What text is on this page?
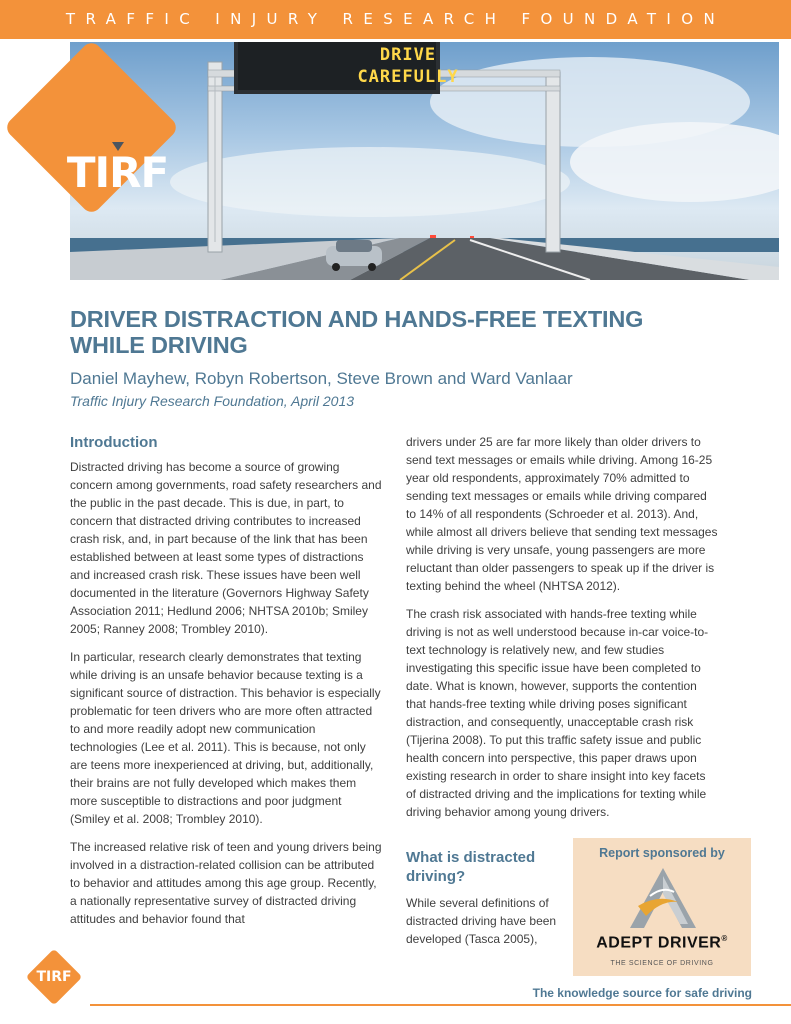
TRAFFIC INJURY RESEARCH FOUNDATION
DRIVE
CAREFULLY
TIRF
DRIVER DISTRACTION AND HANDS-FREE TEXTING WHILE DRIVING
Daniel Mayhew, Robyn Robertson, Steve Brown and Ward Vanlaar
Traffic Injury Research Foundation, April 2013
Introduction

Distracted driving has become a source of growing concern among governments, road safety researchers and the public in the past decade. This is due, in part, to concern that distracted driving contributes to increased crash risk, and, in part because of the link that has been established between at least some types of distractions and increased crash risk. These issues have been well documented in the literature (Governors Highway Safety Association 2011; Hedlund 2006; NHTSA 2010b; Smiley 2005; Ranney 2008; Trombley 2010).

In particular, research clearly demonstrates that texting while driving is an unsafe behavior because texting is a significant source of distraction. This behavior is especially problematic for teen drivers who are more often attracted to and more readily adopt new communication technologies (Lee et al. 2011). This is because, not only are teens more inexperienced at driving, but, additionally, their brains are not fully developed which makes them more susceptible to distractions and poor judgment (Smiley et al. 2008; Trombley 2010).

The increased relative risk of teen and young drivers being involved in a distraction-related collision can be attributed to behavior and attitudes among this age group. Recently, a nationally representative survey of distracted driving attitudes and behavior found that

drivers under 25 are far more likely than older drivers to send text messages or emails while driving. Among 16-25 year old respondents, approximately 70% admitted to sending text messages or emails while driving compared to 14% of all respondents (Schroeder et al. 2013). And, while almost all drivers believe that sending text messages while driving is very unsafe, young passengers are more reluctant than older passengers to speak up if the driver is texting behind the wheel (NHTSA 2012).

The crash risk associated with hands-free texting while driving is not as well understood because in-car voice-to-text technology is relatively new, and few studies investigating this specific issue have been completed to date. What is known, however, supports the contention that hands-free texting while driving poses significant distraction, and consequently, unacceptable crash risk (Tijerina 2008). To put this traffic safety issue and public health concern into perspective, this paper draws upon existing research in order to share insight into key facets of distracted driving and the implications for texting while driving behavior among young drivers.

What is distracted driving?

While several definitions of distracted driving have been developed (Tasca 2005),

Report sponsored by
ADEPT DRIVER®
THE SCIENCE OF DRIVING
TIRF
The knowledge source for safe driving
